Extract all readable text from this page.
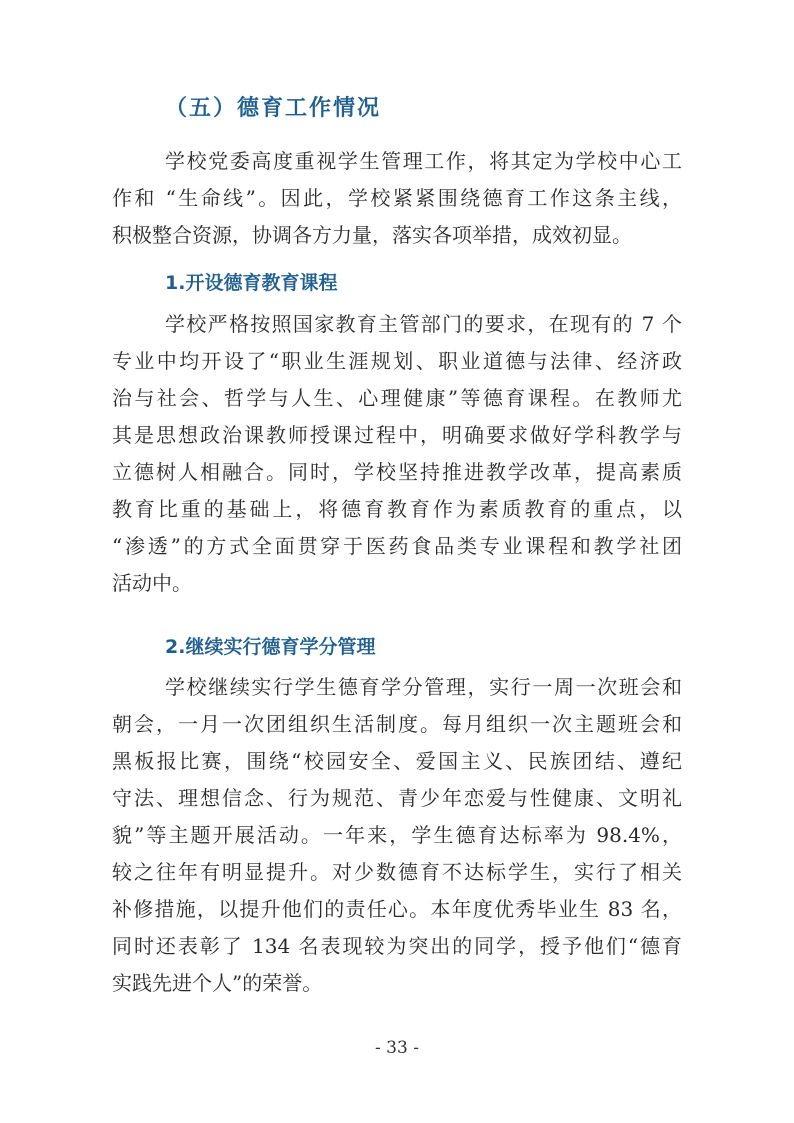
（五）德育工作情况
学校党委高度重视学生管理工作，将其定为学校中心工
作和 “生命线”。因此，学校紧紧围绕德育工作这条主线，
积极整合资源，协调各方力量，落实各项举措，成效初显。
1.开设德育教育课程
学校严格按照国家教育主管部门的要求，在现有的 7 个
专业中均开设了“职业生涯规划、职业道德与法律、经济政
治与社会、哲学与人生、心理健康”等德育课程。在教师尤
其是思想政治课教师授课过程中，明确要求做好学科教学与
立德树人相融合。同时，学校坚持推进教学改革，提高素质
教育比重的基础上，将德育教育作为素质教育的重点，以
“渗透”的方式全面贯穿于医药食品类专业课程和教学社团
活动中。
2.继续实行德育学分管理
学校继续实行学生德育学分管理，实行一周一次班会和
朝会，一月一次团组织生活制度。每月组织一次主题班会和
黑板报比赛，围绕“校园安全、爱国主义、民族团结、遵纪
守法、理想信念、行为规范、青少年恋爱与性健康、文明礼
貌”等主题开展活动。一年来，学生德育达标率为 98.4%，
较之往年有明显提升。对少数德育不达标学生，实行了相关
补修措施，以提升他们的责任心。本年度优秀毕业生 83 名，
同时还表彰了 134 名表现较为突出的同学，授予他们“德育
实践先进个人”的荣誉。
- 33 -
